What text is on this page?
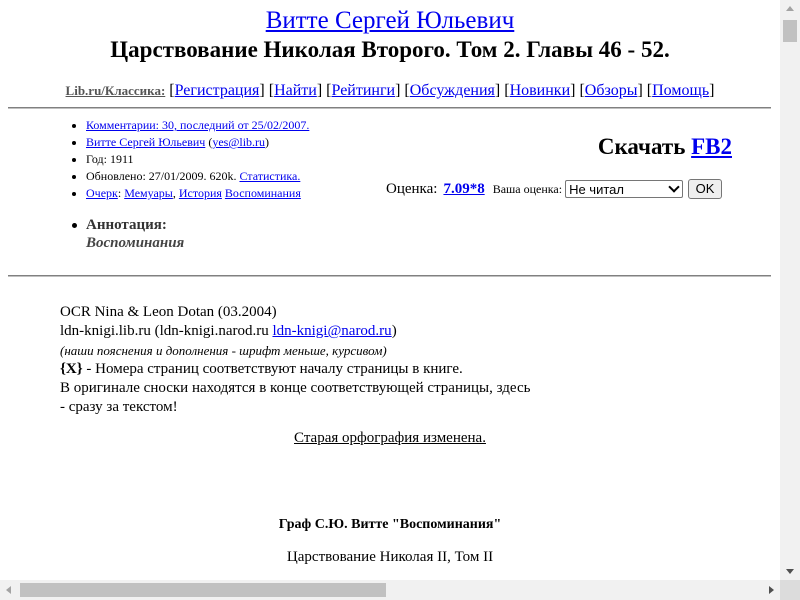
Витте Сергей Юльевич
Царствование Николая Второго. Том 2. Главы 46 - 52.
Lib.ru/Классика: [Регистрация] [Найти] [Рейтинги] [Обсуждения] [Новинки] [Обзоры] [Помощь]
Комментарии: 30, последний от 25/02/2007.
Витте Сергей Юльевич (yes@lib.ru)
Год: 1911
Обновлено: 27/01/2009. 620k. Статистика.
Очерк: Мемуары, История Воспоминания
Аннотация:
Воспоминания
Скачать FB2
Оценка: 7.09*8 Ваша оценка: Не читал	OK
OCR Nina & Leon Dotan (03.2004)
ldn-knigi.lib.ru (ldn-knigi.narod.ru ldn-knigi@narod.ru)
(наши пояснения и дополнения - шрифт меньше, курсивом)
{X} - Номера страниц соответствуют началу страницы в книге.
В оригинале сноски находятся в конце соответствующей страницы, здесь
- сразу за текстом!
Старая орфография изменена.
Граф С.Ю. Витте "Воспоминания"
Царствование Николая II, Том II
